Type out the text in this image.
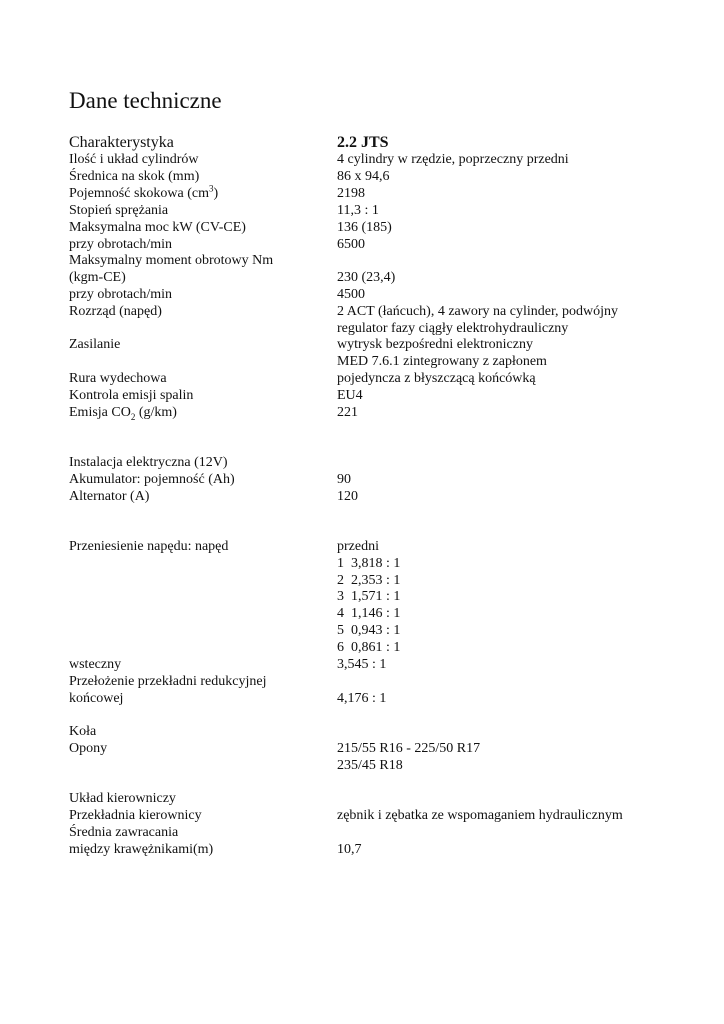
Dane techniczne
Charakterystyka	2.2 JTS
Ilość i układ cylindrów	4 cylindry w rzędzie, poprzeczny przedni
Średnica na skok (mm)	86 x 94,6
Pojemność skokowa $(cm^3)$	2198
Stopień sprężania	11,3 : 1
Maksymalna moc kW (CV-CE)	136 (185)
przy obrotach/min	6500
Maksymalny moment obrotowy Nm
(kgm-CE)	230 (23,4)
przy obrotach/min	4500
Rozrząd (napęd)	2 ACT (łańcuch), 4 zawory na cylinder, podwójny
regulator fazy ciągły elektrohydrauliczny
Zasilanie	wytrysk bezpośredni elektroniczny
MED 7.6.1 zintegrowany z zapłonem
Rura wydechowa	pojedyncza z błyszczącą końcówką
Kontrola emisji spalin	EU4
Emisja $CO_2$ (g/km)	221
Instalacja elektryczna (12V)
Akumulator: pojemność (Ah)	90
Alternator (A)	120
Przeniesienie napędu: napęd	przedni
1 3,818 : 1
2 2,353 : 1
3 1,571 : 1
4 1,146 : 1
5 0,943 : 1
6 0,861 : 1
wsteczny	3,545 : 1
Przełożenie przekładni redukcyjnej
końcowej	4,176 : 1
Koła
Opony	215/55 R16 - 225/50 R17
235/45 R18
Układ kierowniczy
Przekładnia kierownicy	zębnik i zębatka ze wspomaganiem hydraulicznym
Średnia zawracania
między krawężnikami(m)	10,7
